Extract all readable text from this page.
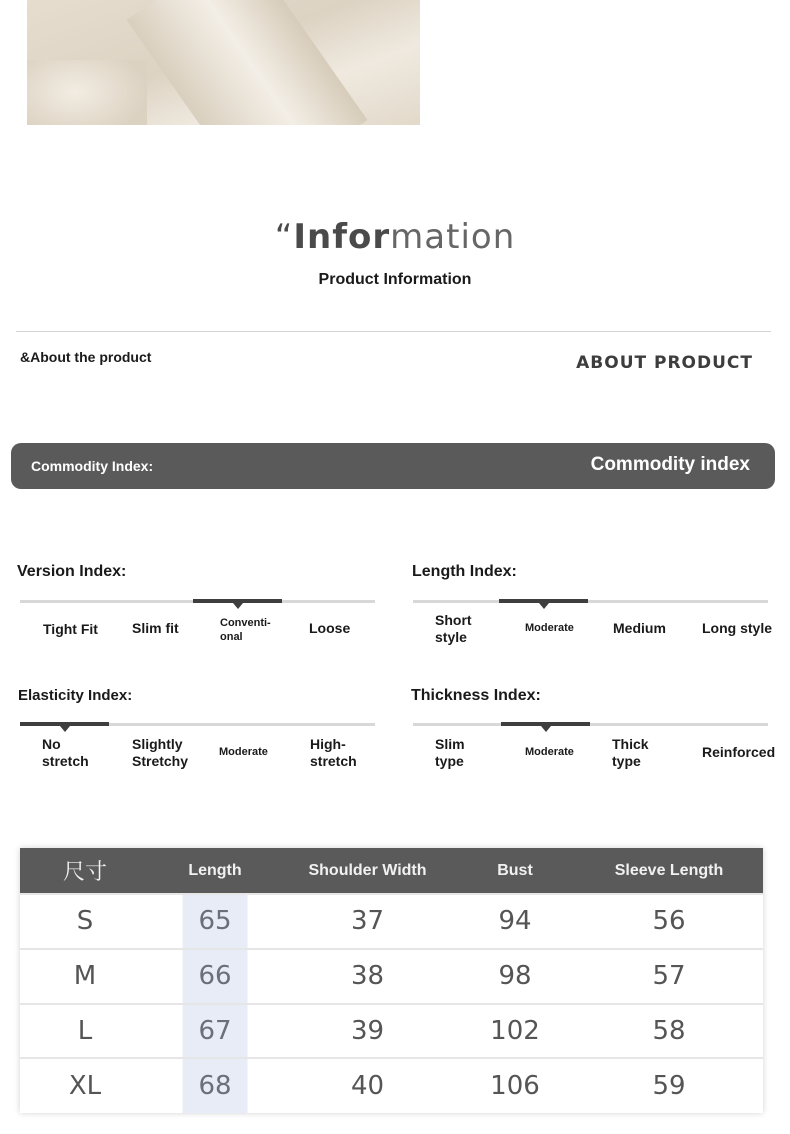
“Information
Product Information
&About the product	ABOUT PRODUCT
Commodity Index:	Commodity index
Version Index:
Tight Fit Slim fit	Conventi-
onal
Loose
Length Index:
Short
style
Moderate	Medium	Long style
Elasticity Index:
No
stretch
Slightly
Stretchy
Moderate	High-
stretch
Thickness Index:
Slim
type
Moderate	Thick
type
Reinforced
尺寸	Length	Shoulder Width	Bust	Sleeve Length
S	65	37	94	56
M	66	38	98	57
L	67	39	102	58
XL	68	40	106	59
